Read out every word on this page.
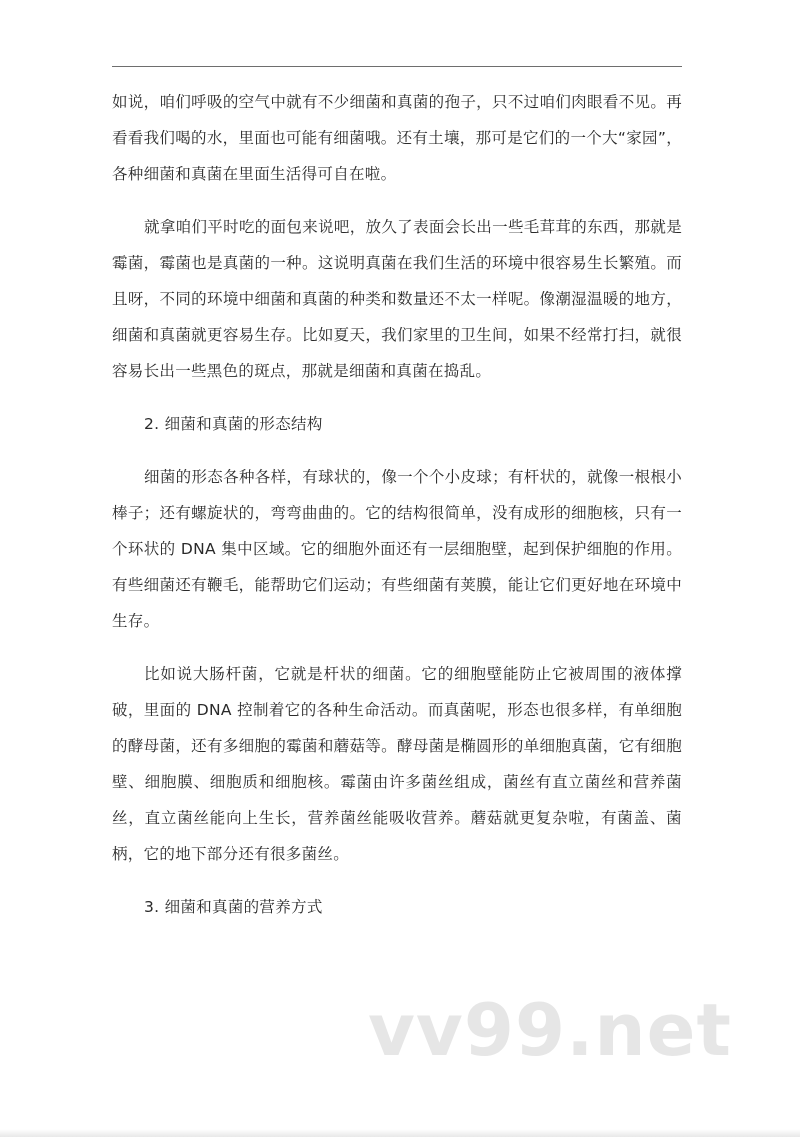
如说，咱们呼吸的空气中就有不少细菌和真菌的孢子，只不过咱们肉眼看不见。再看看我们喝的水，里面也可能有细菌哦。还有土壤，那可是它们的一个大“家园”，各种细菌和真菌在里面生活得可自在啦。

就拿咱们平时吃的面包来说吧，放久了表面会长出一些毛茸茸的东西，那就是霉菌，霉菌也是真菌的一种。这说明真菌在我们生活的环境中很容易生长繁殖。而且呀，不同的环境中细菌和真菌的种类和数量还不太一样呢。像潮湿温暖的地方，细菌和真菌就更容易生存。比如夏天，我们家里的卫生间，如果不经常打扫，就很容易长出一些黑色的斑点，那就是细菌和真菌在捣乱。

2. 细菌和真菌的形态结构

细菌的形态各种各样，有球状的，像一个个小皮球；有杆状的，就像一根根小棒子；还有螺旋状的，弯弯曲曲的。它的结构很简单，没有成形的细胞核，只有一个环状的 DNA 集中区域。它的细胞外面还有一层细胞壁，起到保护细胞的作用。有些细菌还有鞭毛，能帮助它们运动；有些细菌有荚膜，能让它们更好地在环境中生存。

比如说大肠杆菌，它就是杆状的细菌。它的细胞壁能防止它被周围的液体撑破，里面的 DNA 控制着它的各种生命活动。而真菌呢，形态也很多样，有单细胞的酵母菌，还有多细胞的霉菌和蘑菇等。酵母菌是椭圆形的单细胞真菌，它有细胞壁、细胞膜、细胞质和细胞核。霉菌由许多菌丝组成，菌丝有直立菌丝和营养菌丝，直立菌丝能向上生长，营养菌丝能吸收营养。蘑菇就更复杂啦，有菌盖、菌柄，它的地下部分还有很多菌丝。

3. 细菌和真菌的营养方式

vv99.net
